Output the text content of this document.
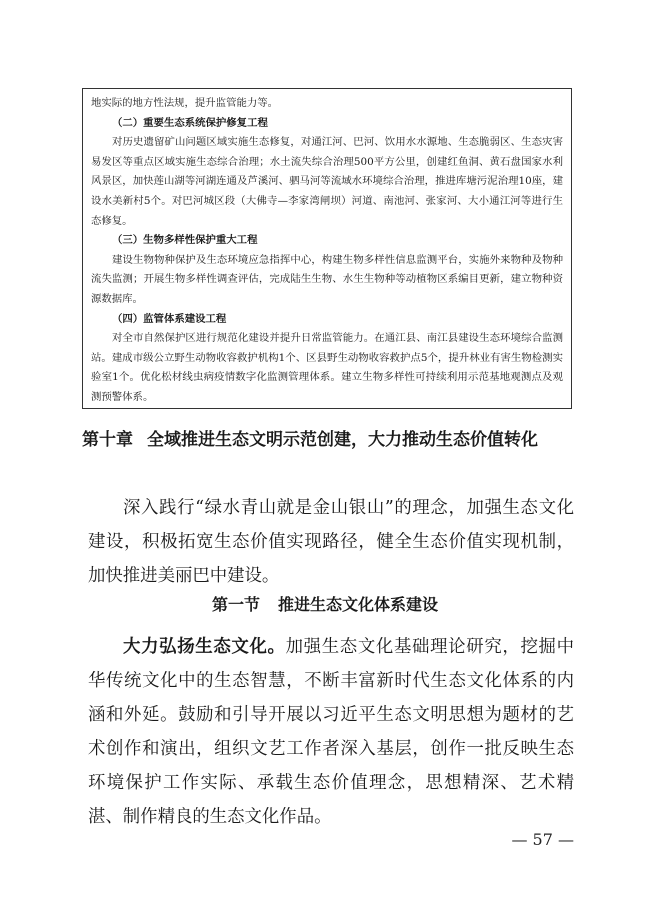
地实际的地方性法规，提升监管能力等。

（二）重要生态系统保护修复工程

对历史遗留矿山问题区域实施生态修复，对通江河、巴河、饮用水水源地、生态脆弱区、生态灾害易发区等重点区域实施生态综合治理；水土流失综合治理500平方公里，创建红鱼洞、黄石盘国家水利风景区，加快莲山湖等河湖连通及芦溪河、驷马河等流域水环境综合治理，推进库塘污泥治理10座，建设水美新村5个。对巴河城区段（大佛寺—李家湾闸坝）河道、南池河、张家河、大小通江河等进行生态修复。

（三）生物多样性保护重大工程

建设生物物种保护及生态环境应急指挥中心，构建生物多样性信息监测平台，实施外来物种及物种流失监测；开展生物多样性调查评估，完成陆生生物、水生生物种等动植物区系编目更新，建立物种资源数据库。

（四）监管体系建设工程

对全市自然保护区进行规范化建设并提升日常监管能力。在通江县、南江县建设生态环境综合监测站。建成市级公立野生动物收容救护机构1个、区县野生动物收容救护点5个，提升林业有害生物检测实验室1个。优化松材线虫病疫情数字化监测管理体系。建立生物多样性可持续利用示范基地观测点及观测预警体系。

第十章 全域推进生态文明示范创建，大力推动生态价值转化

深入践行“绿水青山就是金山银山”的理念，加强生态文化建设，积极拓宽生态价值实现路径，健全生态价值实现机制，加快推进美丽巴中建设。

第一节 推进生态文化体系建设

大力弘扬生态文化。加强生态文化基础理论研究，挖掘中华传统文化中的生态智慧，不断丰富新时代生态文化体系的内涵和外延。鼓励和引导开展以习近平生态文明思想为题材的艺术创作和演出，组织文艺工作者深入基层，创作一批反映生态环境保护工作实际、承载生态价值理念，思想精深、艺术精湛、制作精良的生态文化作品。

— 57 —
